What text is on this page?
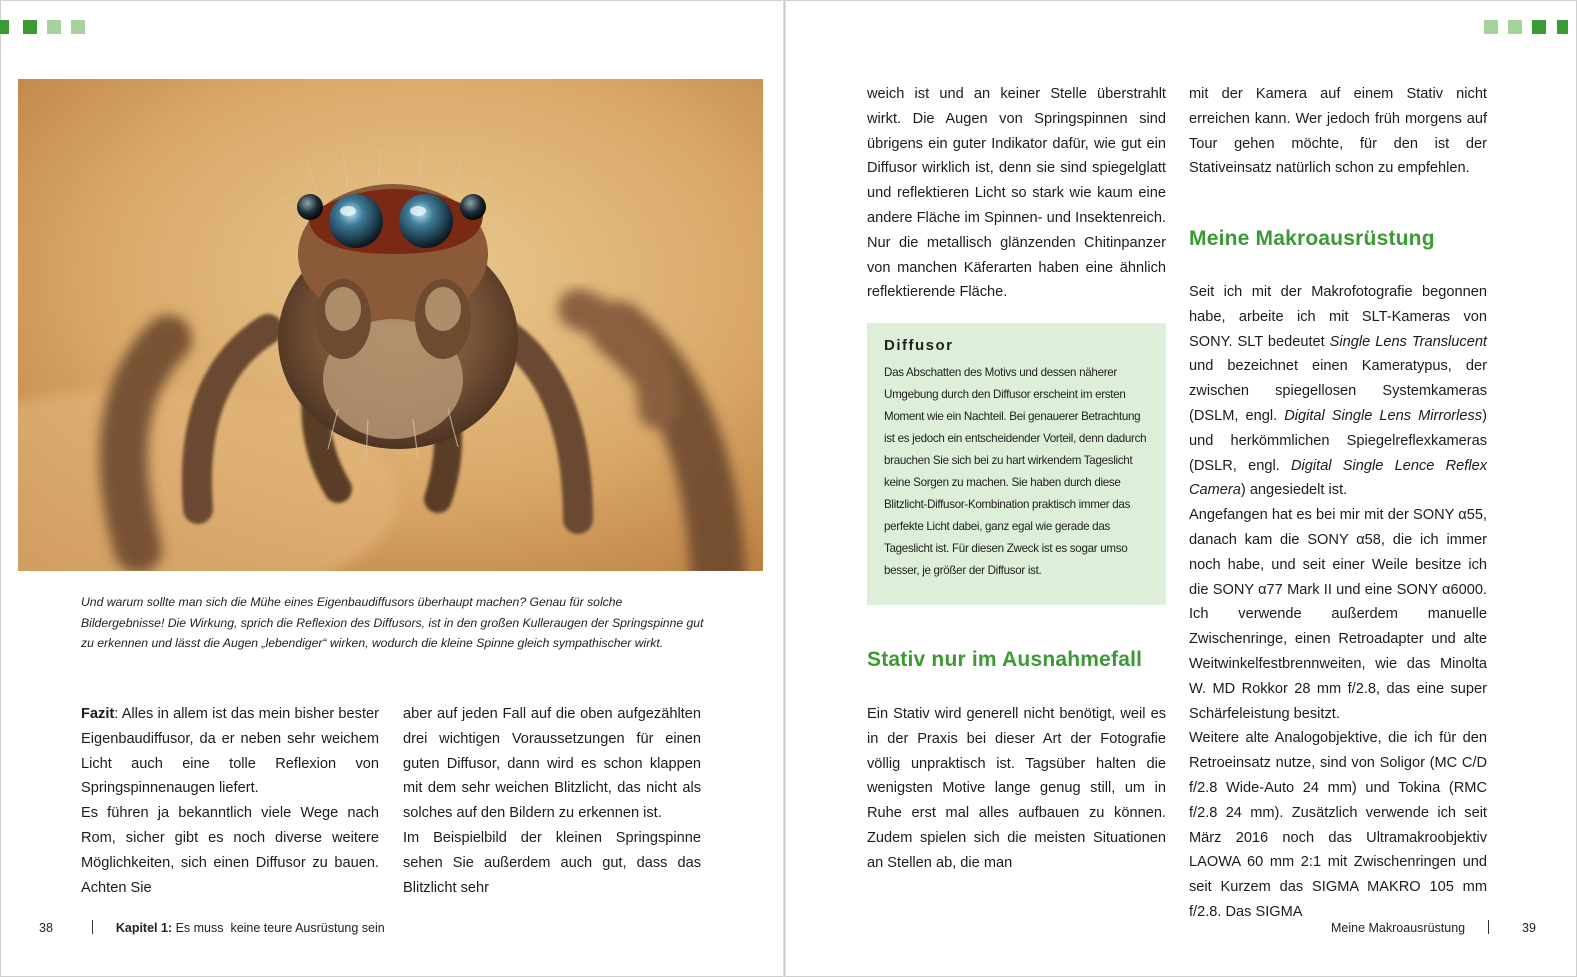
Und warum sollte man sich die Mühe eines Eigenbaudiffusors überhaupt machen? Genau für solche Bildergebnisse! Die Wirkung, sprich die Reflexion des Diffusors, ist in den großen Kulleraugen der Springspinne gut zu erkennen und lässt die Augen „lebendiger“ wirken, wodurch die kleine Spinne gleich sympathischer wirkt.

Fazit: Alles in allem ist das mein bisher bester Eigenbaudiffusor, da er neben sehr weichem Licht auch eine tolle Reflexion von Springspinnenaugen liefert.

Es führen ja bekanntlich viele Wege nach Rom, sicher gibt es noch diverse weitere Möglichkeiten, sich einen Diffusor zu bauen. Achten Sie

aber auf jeden Fall auf die oben aufgezählten drei wichtigen Voraussetzungen für einen guten Diffusor, dann wird es schon klappen mit dem sehr weichen Blitzlicht, das nicht als solches auf den Bildern zu erkennen ist.

Im Beispielbild der kleinen Springspinne sehen Sie außerdem auch gut, dass das Blitzlicht sehr

38	Kapitel 1: Es muss  keine teure Ausrüstung sein

weich ist und an keiner Stelle überstrahlt wirkt. Die Augen von Springspinnen sind übrigens ein guter Indikator dafür, wie gut ein Diffusor wirklich ist, denn sie sind spiegelglatt und reflektieren Licht so stark wie kaum eine andere Fläche im Spinnen- und Insektenreich. Nur die metallisch glänzenden Chitinpanzer von manchen Käferarten haben eine ähnlich reflektierende Fläche.

Diffusor
Das Abschatten des Motivs und dessen näherer Umgebung durch den Diffusor erscheint im ersten Moment wie ein Nachteil. Bei genauerer Betrachtung ist es jedoch ein entscheidender Vorteil, denn dadurch brauchen Sie sich bei zu hart wirkendem Tageslicht keine Sorgen zu machen. Sie haben durch diese Blitzlicht-Diffusor-Kombination praktisch immer das perfekte Licht dabei, ganz egal wie gerade das Tageslicht ist. Für diesen Zweck ist es sogar umso besser, je größer der Diffusor ist.
Stativ nur im Ausnahmefall

Ein Stativ wird generell nicht benötigt, weil es in der Praxis bei dieser Art der Fotografie völlig unpraktisch ist. Tagsüber halten die wenigsten Motive lange genug still, um in Ruhe erst mal alles aufbauen zu können. Zudem spielen sich die meisten Situationen an Stellen ab, die man

mit der Kamera auf einem Stativ nicht erreichen kann. Wer jedoch früh morgens auf Tour gehen möchte, für den ist der Stativeinsatz natürlich schon zu empfehlen.

Meine Makroausrüstung

Seit ich mit der Makrofotografie begonnen habe, arbeite ich mit SLT-Kameras von SONY. SLT bedeutet Single Lens Translucent und bezeichnet einen Kameratypus, der zwischen spiegellosen Systemkameras (DSLM, engl. Digital Single Lens Mirrorless) und herkömmlichen Spiegelreflexkameras (DSLR, engl. Digital Single Lence Reflex Camera) angesiedelt ist.

Angefangen hat es bei mir mit der SONY α55, danach kam die SONY α58, die ich immer noch habe, und seit einer Weile besitze ich die SONY α77 Mark II und eine SONY α6000. Ich verwende außerdem manuelle Zwischenringe, einen Retroadapter und alte Weitwinkelfestbrennweiten, wie das Minolta W. MD Rokkor 28 mm f/2.8, das eine super Schärfeleistung besitzt.

Weitere alte Analogobjektive, die ich für den Retroeinsatz nutze, sind von Soligor (MC C/D f/2.8 Wide-Auto 24 mm) und Tokina (RMC f/2.8 24 mm). Zusätzlich verwende ich seit März 2016 noch das Ultramakroobjektiv LAOWA 60 mm 2:1 mit Zwischenringen und seit Kurzem das SIGMA MAKRO 105 mm f/2.8. Das SIGMA

Meine Makroausrüstung	39
